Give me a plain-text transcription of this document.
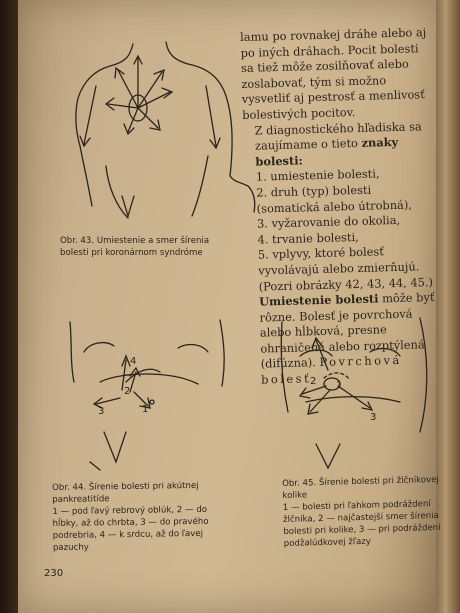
Obr. 43. Umiestenie a smer šírenia bolesti pri koronárnom syndróme

lamu po rovnakej dráhe alebo aj po iných dráhach. Pocit bolesti sa tiež môže zosilňovať alebo zoslabovať, tým si možno vysvetliť aj pestrosť a menlivosť bolestivých pocitov.

Z diagnostického hľadiska sa zaujímame o tieto znaky bolesti:

1. umiestenie bolesti,

2. druh (typ) bolesti (somatická alebo útrobná),

3. vyžarovanie do okolia,

4. trvanie bolesti,

5. vplyvy, ktoré bolesť vyvolávajú alebo zmierňujú. (Pozri obrázky 42, 43, 44, 45.)

Umiestenie bolesti môže byť rôzne. Bolesť je povrchová alebo hĺbková, presne ohraničená alebo rozptýlená (difúzna). Povrchová bolesť

1
2
3
4
Obr. 44. Šírenie bolesti pri akútnej pankreatitíde
1 — pod ľavý rebrový oblúk, 2 — do hĺbky, až do chrbta, 3 — do pravého podrebria, 4 — k srdcu, až do ľavej pazuchy
1
2
3
Obr. 45. Šírenie bolesti pri žlčníkovej kolike
1 — bolesti pri ľahkom podráždení žlčníka, 2 — najčastejší smer šírenia bolesti pri kolike, 3 — pri podráždení podžalúdkovej žľazy
230
